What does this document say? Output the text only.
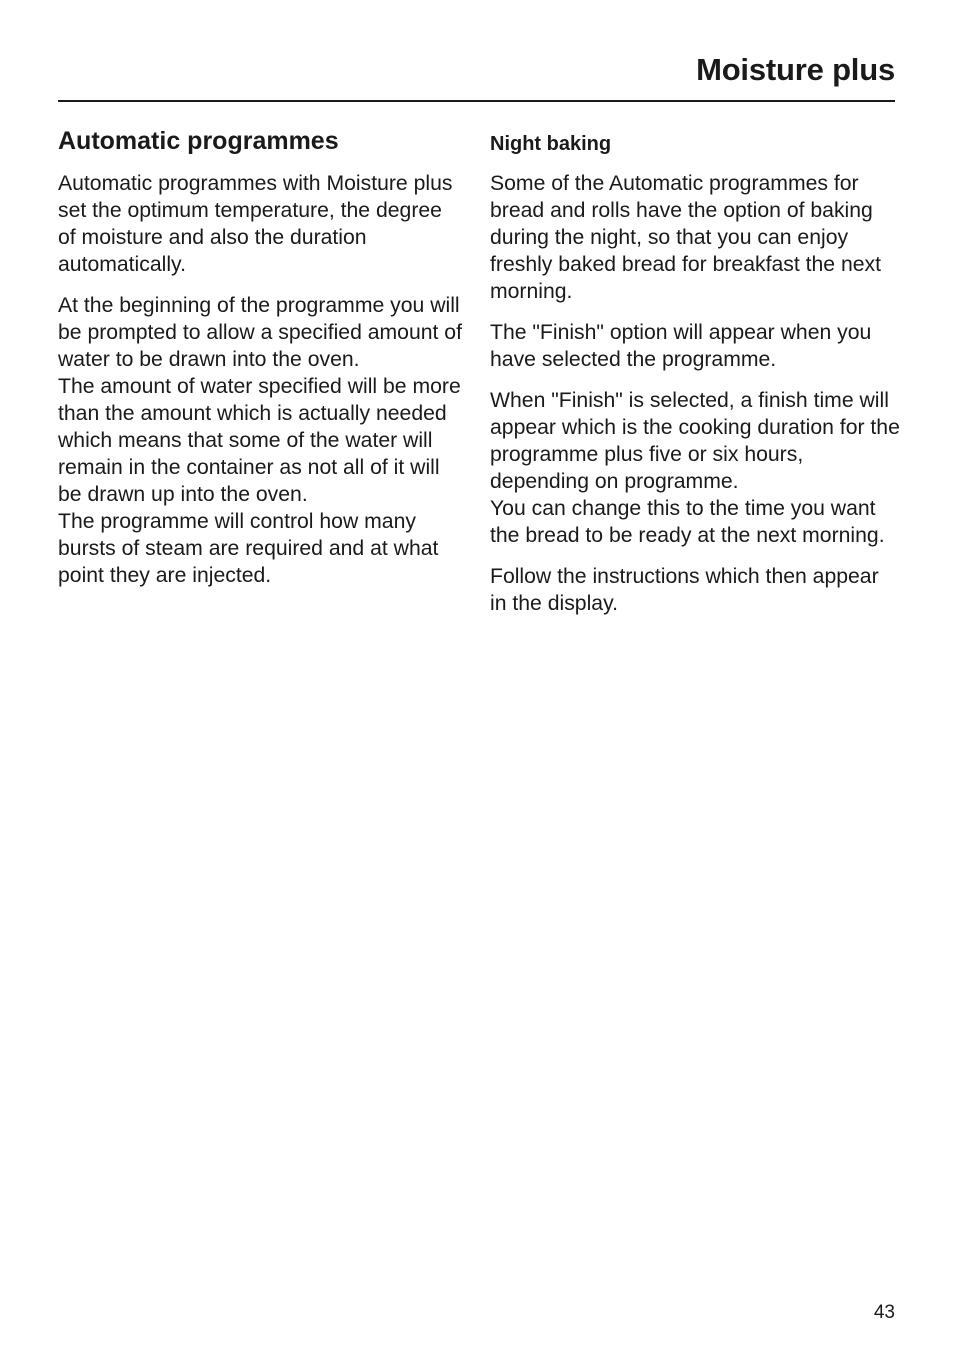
Moisture plus
Automatic programmes

Automatic programmes with Moisture plus set the optimum temperature, the degree of moisture and also the duration automatically.

At the beginning of the programme you will be prompted to allow a specified amount of water to be drawn into the oven.

The amount of water specified will be more than the amount which is actually needed which means that some of the water will remain in the container as not all of it will be drawn up into the oven.

The programme will control how many bursts of steam are required and at what point they are injected.

Night baking

Some of the Automatic programmes for bread and rolls have the option of baking during the night, so that you can enjoy freshly baked bread for breakfast the next morning.

The "Finish" option will appear when you have selected the programme.

When "Finish" is selected, a finish time will appear which is the cooking duration for the programme plus five or six hours, depending on programme.

You can change this to the time you want the bread to be ready at the next morning.

Follow the instructions which then appear in the display.

43
